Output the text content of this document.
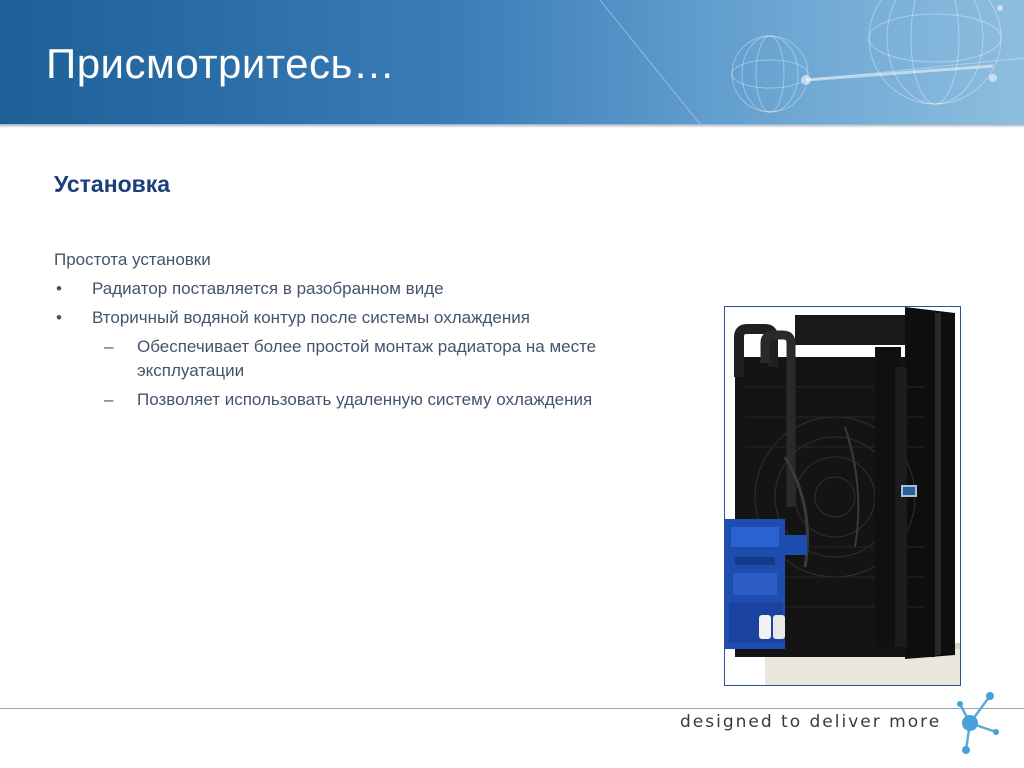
Присмотритесь…
Установка

Простота установки

• Радиатор поставляется в разобранном виде
• Вторичный водяной контур после системы охлаждения
– Обеспечивает более простой монтаж радиатора на месте эксплуатации
– Позволяет использовать удаленную систему охлаждения
designed to deliver more
